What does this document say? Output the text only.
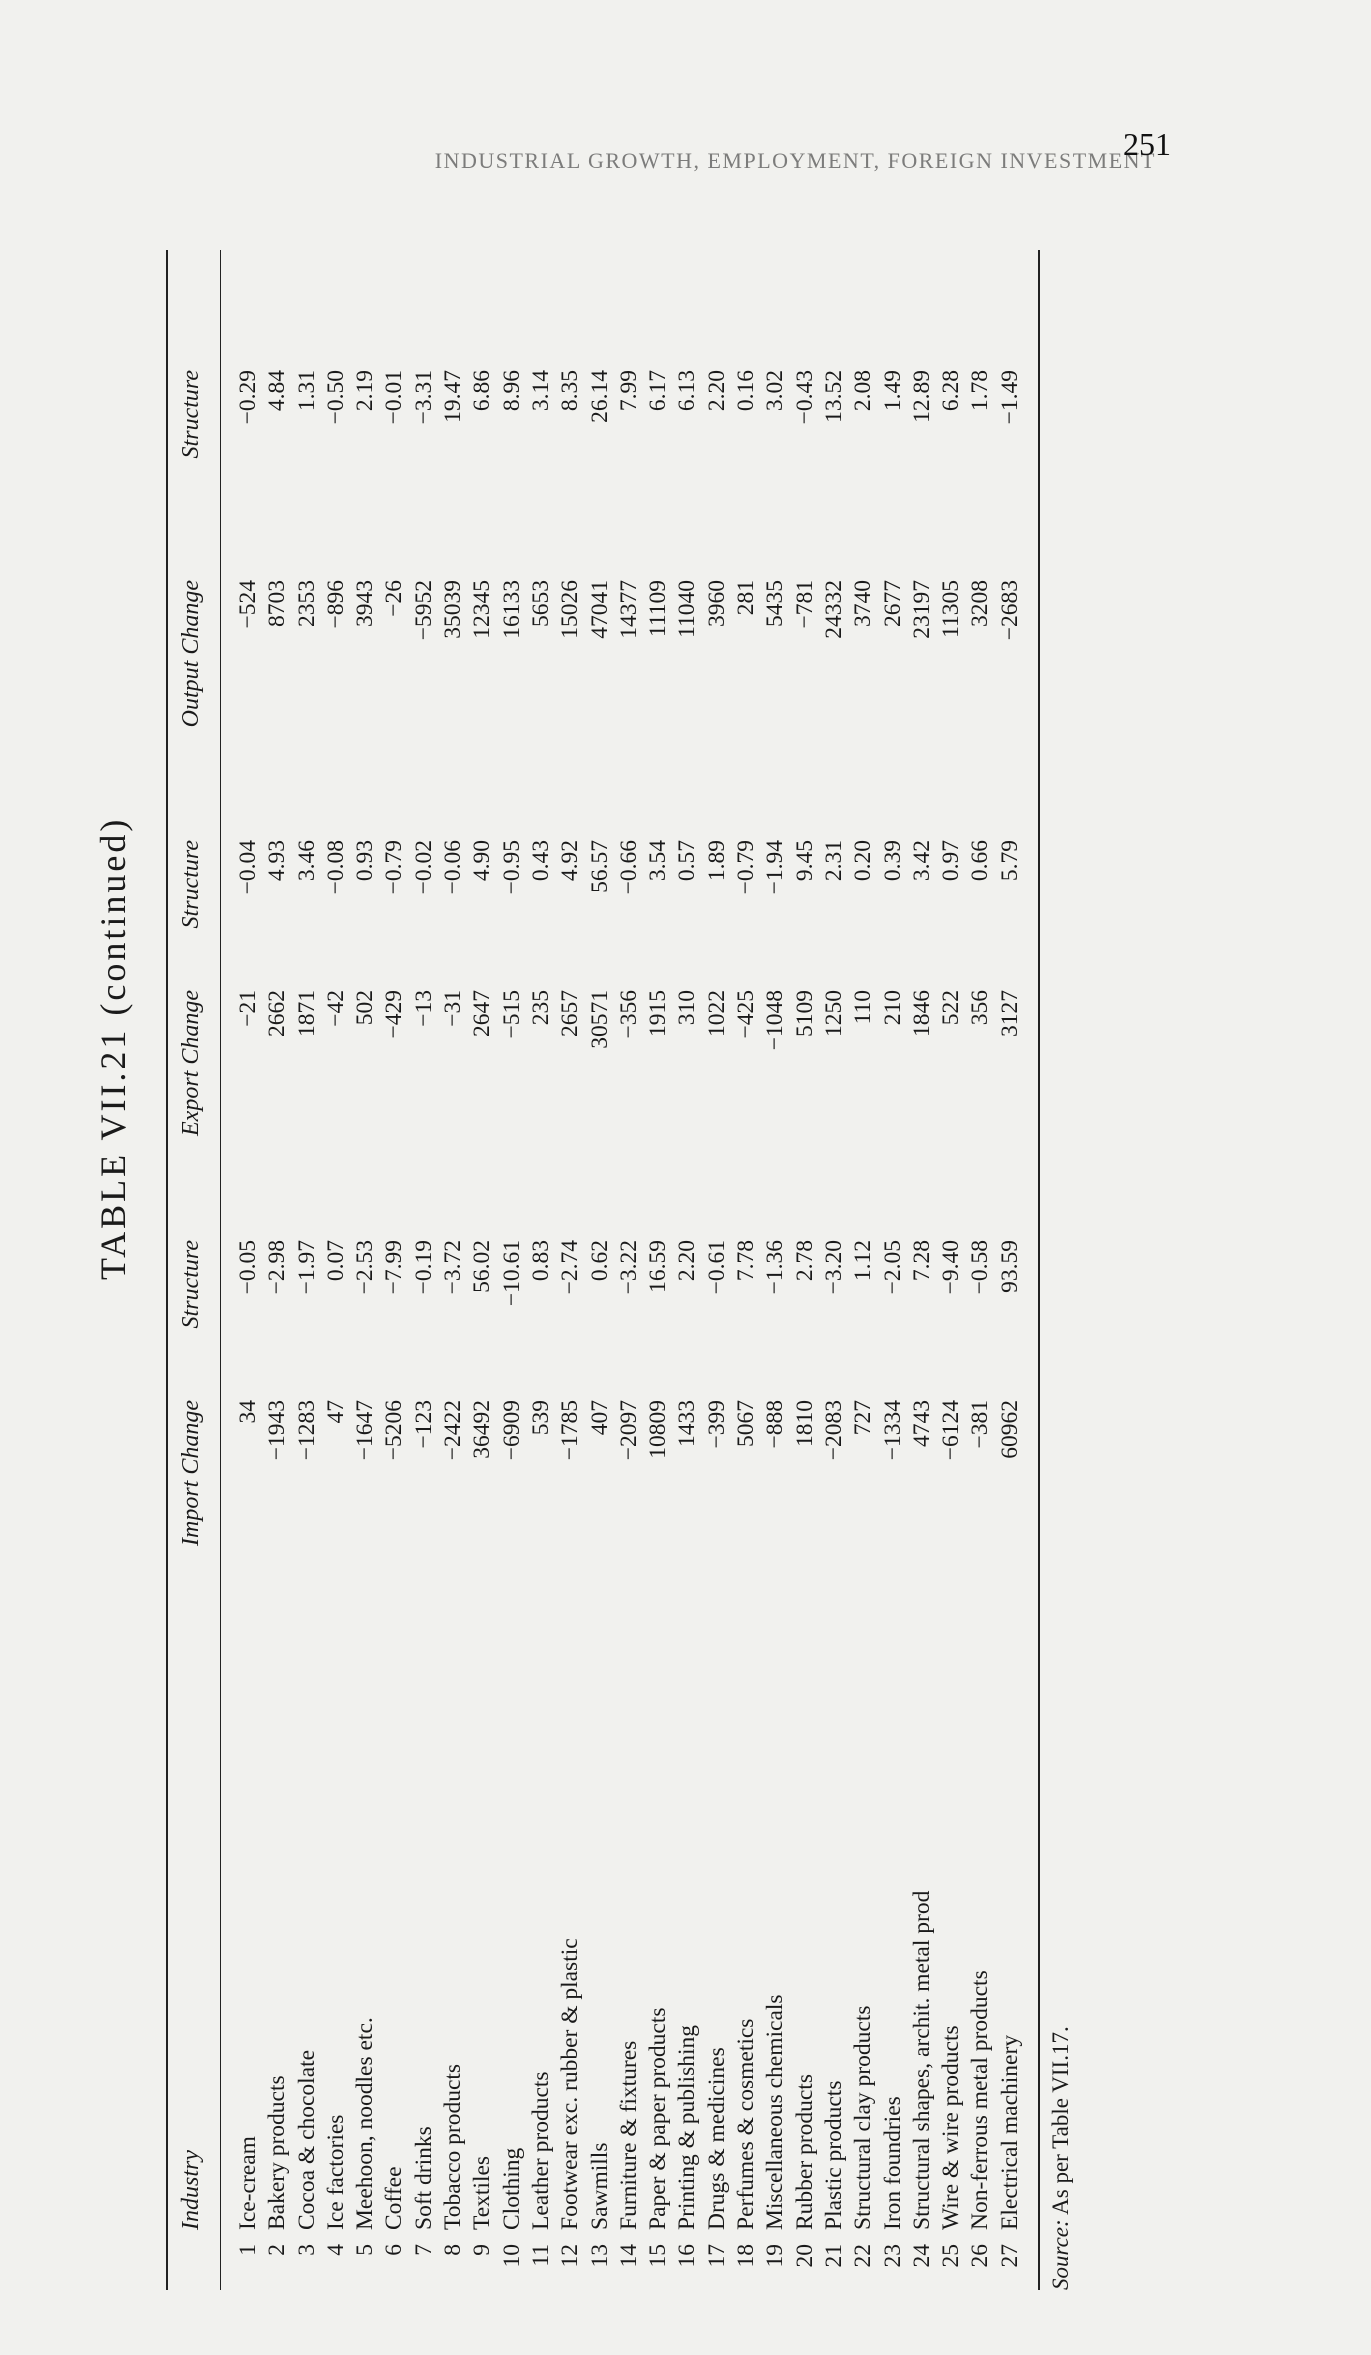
INDUSTRIAL GROWTH, EMPLOYMENT, FOREIGN INVESTMENT
251
TABLE VII.21 (continued)
Industry
Import Change
Structure
Export Change
Structure
Output Change
Structure
1
Ice-cream
34
−0.05
−21
−0.04
−524
−0.29
2
Bakery products
−1943
−2.98
2662
4.93
8703
4.84
3
Cocoa & chocolate
−1283
−1.97
1871
3.46
2353
1.31
4
Ice factories
47
0.07
−42
−0.08
−896
−0.50
5
Meehoon, noodles etc.
−1647
−2.53
502
0.93
3943
2.19
6
Coffee
−5206
−7.99
−429
−0.79
−26
−0.01
7
Soft drinks
−123
−0.19
−13
−0.02
−5952
−3.31
8
Tobacco products
−2422
−3.72
−31
−0.06
35039
19.47
9
Textiles
36492
56.02
2647
4.90
12345
6.86
10
Clothing
−6909
−10.61
−515
−0.95
16133
8.96
11
Leather products
539
0.83
235
0.43
5653
3.14
12
Footwear exc. rubber & plastic
−1785
−2.74
2657
4.92
15026
8.35
13
Sawmills
407
0.62
30571
56.57
47041
26.14
14
Furniture & fixtures
−2097
−3.22
−356
−0.66
14377
7.99
15
Paper & paper products
10809
16.59
1915
3.54
11109
6.17
16
Printing & publishing
1433
2.20
310
0.57
11040
6.13
17
Drugs & medicines
−399
−0.61
1022
1.89
3960
2.20
18
Perfumes & cosmetics
5067
7.78
−425
−0.79
281
0.16
19
Miscellaneous chemicals
−888
−1.36
−1048
−1.94
5435
3.02
20
Rubber products
1810
2.78
5109
9.45
−781
−0.43
21
Plastic products
−2083
−3.20
1250
2.31
24332
13.52
22
Structural clay products
727
1.12
110
0.20
3740
2.08
23
Iron foundries
−1334
−2.05
210
0.39
2677
1.49
24
Structural shapes, archit. metal prod
4743
7.28
1846
3.42
23197
12.89
25
Wire & wire products
−6124
−9.40
522
0.97
11305
6.28
26
Non-ferrous metal products
−381
−0.58
356
0.66
3208
1.78
27
Electrical machinery
60962
93.59
3127
5.79
−2683
−1.49
Source: As per Table VII.17.
